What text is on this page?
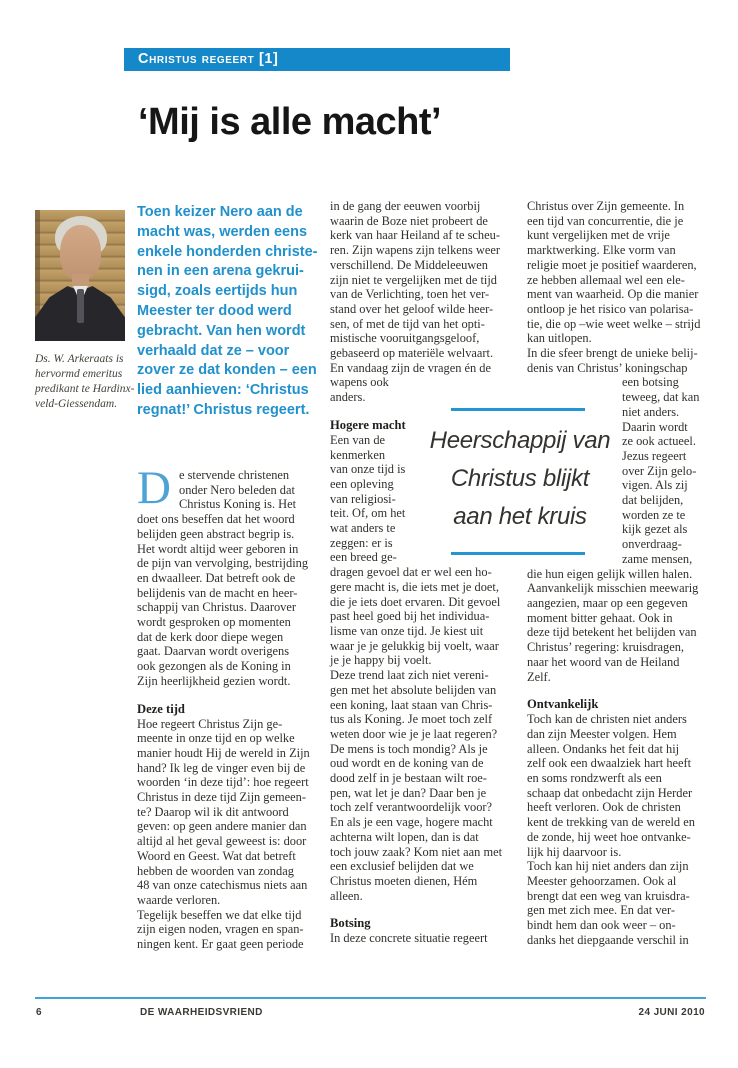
Christus regeert [1]
‘Mij is alle macht’
Ds. W. Arkeraats is
hervormd emeritus
predikant te Hardinx-
veld-Giessendam.
Toen keizer Nero aan de
macht was, werden eens
enkele honderden christe-
nen in een arena gekrui-
sigd, zoals eertijds hun
Meester ter dood werd
gebracht. Van hen wordt
verhaald dat ze – voor
zover ze dat konden – een
lied aanhieven: ‘Christus
regnat!’ Christus regeert.
De stervende christenen
onder Nero beleden dat
Christus Koning is. Het
doet ons beseffen dat het woord
belijden geen abstract begrip is.
Het wordt altijd weer geboren in
de pijn van vervolging, bestrijding
en dwaalleer. Dat betreft ook de
belijdenis van de macht en heer-
schappij van Christus. Daarover
wordt gesproken op momenten
dat de kerk door diepe wegen
gaat. Daarvan wordt overigens
ook gezongen als de Koning in
Zijn heerlijkheid gezien wordt.
Deze tijd
Hoe regeert Christus Zijn ge-
meente in onze tijd en op welke
manier houdt Hij de wereld in Zijn
hand? Ik leg de vinger even bij de
woorden ‘in deze tijd’: hoe regeert
Christus in deze tijd Zijn gemeen-
te? Daarop wil ik dit antwoord
geven: op geen andere manier dan
altijd al het geval geweest is: door
Woord en Geest. Wat dat betreft
hebben de woorden van zondag
48 van onze catechismus niets aan
waarde verloren.
Tegelijk beseffen we dat elke tijd
zijn eigen noden, vragen en span-
ningen kent. Er gaat geen periode
in de gang der eeuwen voorbij
waarin de Boze niet probeert de
kerk van haar Heiland af te scheu-
ren. Zijn wapens zijn telkens weer
verschillend. De Middeleeuwen
zijn niet te vergelijken met de tijd
van de Verlichting, toen het ver-
stand over het geloof wilde heer-
sen, of met de tijd van het opti-
mistische vooruitgangsgeloof,
gebaseerd op materiële welvaart.
En vandaag zijn de vragen én de
wapens ook
anders.
Hogere macht
Een van de
kenmerken
van onze tijd is
een opleving
van religiosi-
teit. Of, om het
wat anders te
zeggen: er is
een breed ge-
dragen gevoel dat er wel een ho-
gere macht is, die iets met je doet,
die je iets doet ervaren. Dit gevoel
past heel goed bij het individua-
lisme van onze tijd. Je kiest uit
waar je je gelukkig bij voelt, waar
je je happy bij voelt.
Deze trend laat zich niet vereni-
gen met het absolute belijden van
een koning, laat staan van Chris-
tus als Koning. Je moet toch zelf
weten door wie je je laat regeren?
De mens is toch mondig? Als je
oud wordt en de koning van de
dood zelf in je bestaan wilt roe-
pen, wat let je dan? Daar ben je
toch zelf verantwoordelijk voor?
En als je een vage, hogere macht
achterna wilt lopen, dan is dat
toch jouw zaak? Kom niet aan met
een exclusief belijden dat we
Christus moeten dienen, Hém
alleen.
Botsing
In deze concrete situatie regeert
Christus over Zijn gemeente. In
een tijd van concurrentie, die je
kunt vergelijken met de vrije
marktwerking. Elke vorm van
religie moet je positief waarderen,
ze hebben allemaal wel een ele-
ment van waarheid. Op die manier
ontloop je het risico van polarisa-
tie, die op –wie weet welke – strijd
kan uitlopen.
In die sfeer brengt de unieke belij-
denis van Christus’ koningschap
een botsing
teweeg, dat kan
niet anders.
Daarin wordt
ze ook actueel.
Jezus regeert
over Zijn gelo-
vigen. Als zij
dat belijden,
worden ze te
kijk gezet als
onverdraag-
zame mensen,
die hun eigen gelijk willen halen.
Aanvankelijk misschien meewarig
aangezien, maar op een gegeven
moment bitter gehaat. Ook in
deze tijd betekent het belijden van
Christus’ regering: kruisdragen,
naar het woord van de Heiland
Zelf.
Ontvankelijk
Toch kan de christen niet anders
dan zijn Meester volgen. Hem
alleen. Ondanks het feit dat hij
zelf ook een dwaalziek hart heeft
en soms rondzwerft als een
schaap dat onbedacht zijn Herder
heeft verloren. Ook de christen
kent de trekking van de wereld en
de zonde, hij weet hoe ontvanke-
lijk hij daarvoor is.
Toch kan hij niet anders dan zijn
Meester gehoorzamen. Ook al
brengt dat een weg van kruisdra-
gen met zich mee. En dat ver-
bindt hem dan ook weer – on-
danks het diepgaande verschil in
Heerschappij van
Christus blijkt
aan het kruis
6	DE WAARHEIDSVRIEND	24 JUNI 2010
